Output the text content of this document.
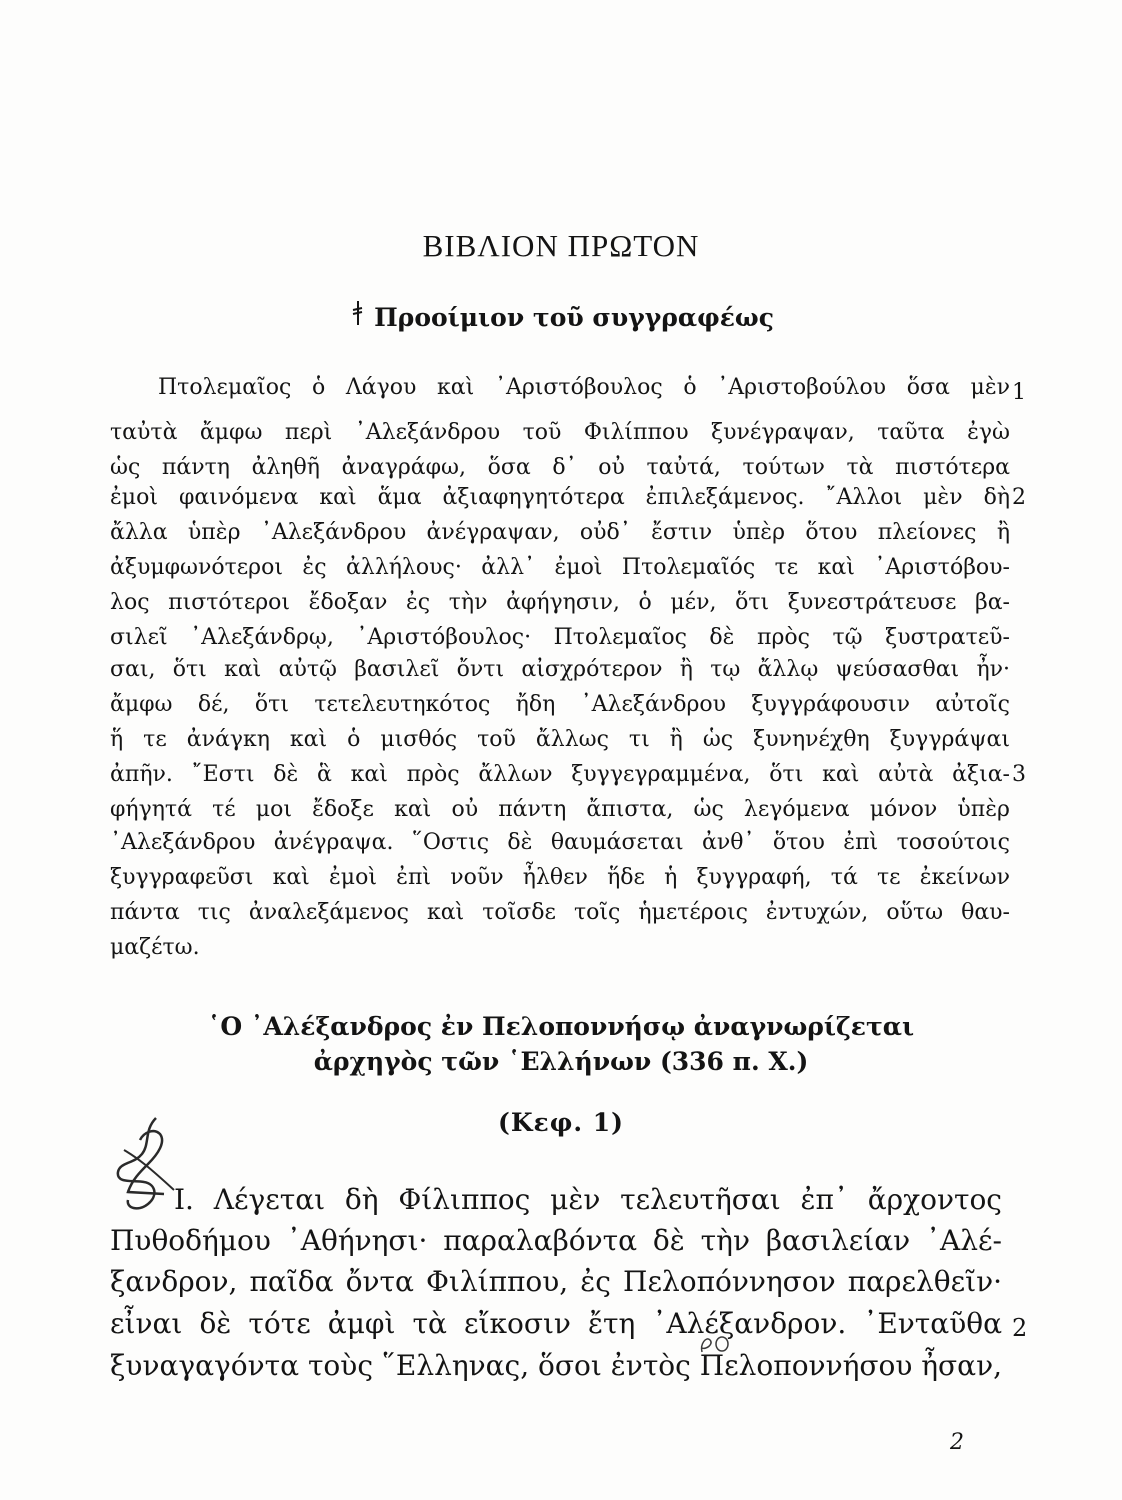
ΒΙΒΛΙΟΝ ΠΡΩΤΟΝ
Προοίμιον τοῦ συγγραφέως
Πτολεμαῖος ὁ Λάγου καὶ ᾿Αριστόβουλος ὁ ᾿Αριστοβούλου ὅσα μὲν
ταὐτὰ ἄμφω περὶ ᾿Αλεξάνδρου τοῦ Φιλίππου ξυνέγραψαν, ταῦτα ἐγὼ
ὡς πάντη ἀληθῆ ἀναγράφω, ὅσα δ᾿ οὐ ταὐτά, τούτων τὰ πιστότερα
ἐμοὶ φαινόμενα καὶ ἅμα ἀξιαφηγητότερα ἐπιλεξάμενος. ῎Αλλοι μὲν δὴ
ἄλλα ὑπὲρ ᾿Αλεξάνδρου ἀνέγραψαν, οὐδ᾿ ἔστιν ὑπὲρ ὅτου πλείονες ἢ
ἀξυμφωνότεροι ἐς ἀλλήλους· ἀλλ᾿ ἐμοὶ Πτολεμαῖός τε καὶ ᾿Αριστόβου-
λος πιστότεροι ἔδοξαν ἐς τὴν ἀφήγησιν, ὁ μέν, ὅτι ξυνεστράτευσε βα-
σιλεῖ ᾿Αλεξάνδρῳ, ᾿Αριστόβουλος· Πτολεμαῖος δὲ πρὸς τῷ ξυστρατεῦ-
σαι, ὅτι καὶ αὐτῷ βασιλεῖ ὄντι αἰσχρότερον ἢ τῳ ἄλλῳ ψεύσασθαι ἦν·
ἄμφω δέ, ὅτι τετελευτηκότος ἤδη ᾿Αλεξάνδρου ξυγγράφουσιν αὐτοῖς
ἥ τε ἀνάγκη καὶ ὁ μισθός τοῦ ἄλλως τι ἢ ὡς ξυνηνέχθη ξυγγράψαι
ἀπῆν. ῎Εστι δὲ ἃ καὶ πρὸς ἄλλων ξυγγεγραμμένα, ὅτι καὶ αὐτὰ ἀξια-
φήγητά τέ μοι ἔδοξε καὶ οὐ πάντη ἄπιστα, ὡς λεγόμενα μόνον ὑπὲρ
᾿Αλεξάνδρου ἀνέγραψα. ῞Οστις δὲ θαυμάσεται ἀνθ᾿ ὅτου ἐπὶ τοσούτοις
ξυγγραφεῦσι καὶ ἐμοὶ ἐπὶ νοῦν ἦλθεν ἥδε ἡ ξυγγραφή, τά τε ἐκείνων
πάντα τις ἀναλεξάμενος καὶ τοῖσδε τοῖς ἡμετέροις ἐντυχών, οὕτω θαυ-
μαζέτω.
1
2
3
῾Ο ᾿Αλέξανδρος ἐν Πελοποννήσῳ ἀναγνωρίζεται
ἀρχηγὸς τῶν ῾Ελλήνων (336 π. Χ.)
(Κεφ. 1)
Ι. Λέγεται δὴ Φίλιππος μὲν τελευτῆσαι ἐπ᾿ ἄρχοντος
Πυθοδήμου ᾿Αθήνησι· παραλαβόντα δὲ τὴν βασιλείαν ᾿Αλέ-
ξανδρον, παῖδα ὄντα Φιλίππου, ἐς Πελοπόννησον παρελθεῖν·
εἶναι δὲ τότε ἀμφὶ τὰ εἴκοσιν ἔτη ᾿Αλέξανδρον. ᾿Ενταῦθα
ξυναγαγόντα τοὺς ῞Ελληνας, ὅσοι ἐντὸς Πελοποννήσου ἦσαν,
2
2
